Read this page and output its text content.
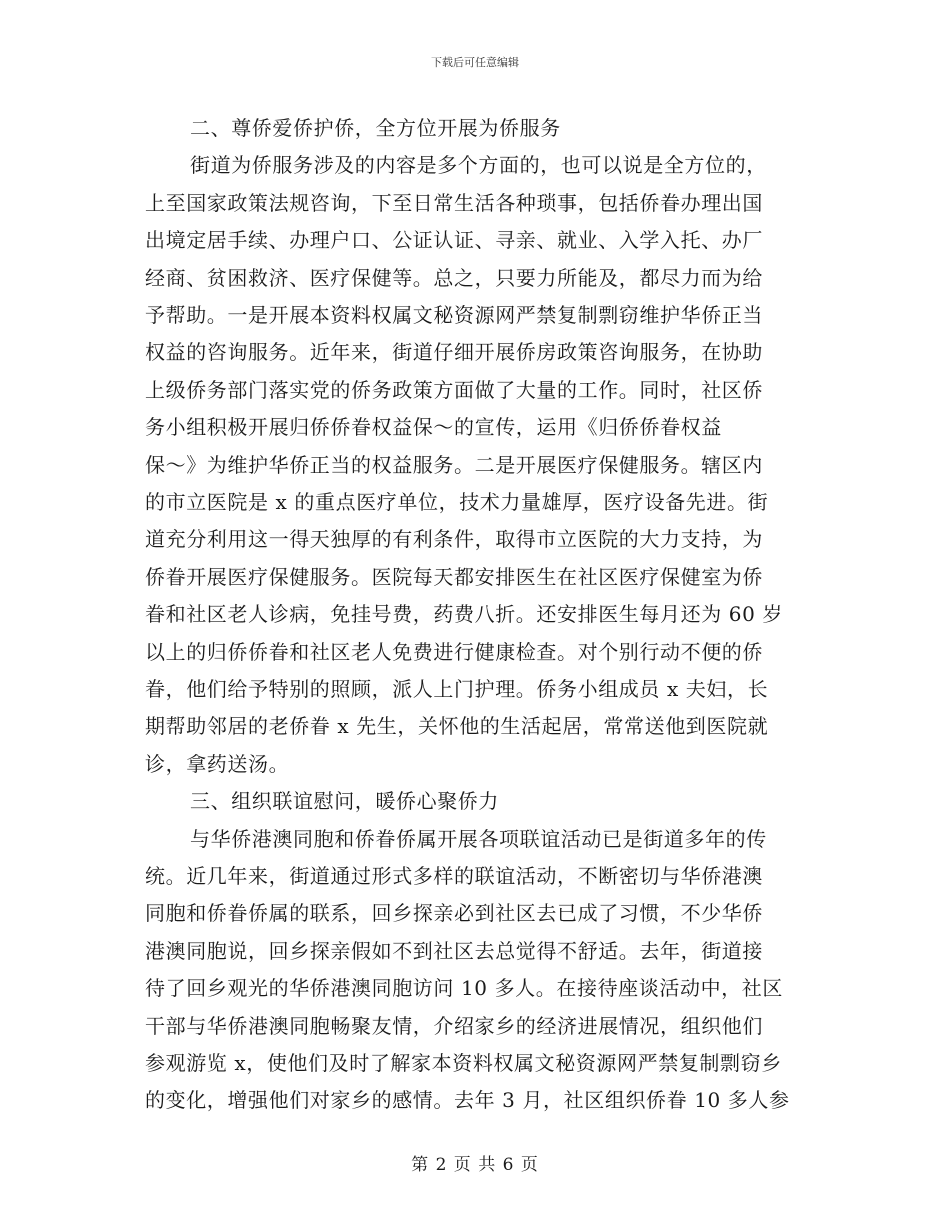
下载后可任意编辑
二、尊侨爱侨护侨，全方位开展为侨服务
街道为侨服务涉及的内容是多个方面的，也可以说是全方位的，
上至国家政策法规咨询，下至日常生活各种琐事，包括侨眷办理出国
出境定居手续、办理户口、公证认证、寻亲、就业、入学入托、办厂
经商、贫困救济、医疗保健等。总之，只要力所能及，都尽力而为给
予帮助。一是开展本资料权属文秘资源网严禁复制剽窃维护华侨正当
权益的咨询服务。近年来，街道仔细开展侨房政策咨询服务，在协助
上级侨务部门落实党的侨务政策方面做了大量的工作。同时，社区侨
务小组积极开展归侨侨眷权益保～的宣传，运用《归侨侨眷权益
保～》为维护华侨正当的权益服务。二是开展医疗保健服务。辖区内
的市立医院是 x 的重点医疗单位，技术力量雄厚，医疗设备先进。街
道充分利用这一得天独厚的有利条件，取得市立医院的大力支持，为
侨眷开展医疗保健服务。医院每天都安排医生在社区医疗保健室为侨
眷和社区老人诊病，免挂号费，药费八折。还安排医生每月还为 60 岁
以上的归侨侨眷和社区老人免费进行健康检查。对个别行动不便的侨
眷，他们给予特别的照顾，派人上门护理。侨务小组成员 x 夫妇，长
期帮助邻居的老侨眷 x 先生，关怀他的生活起居，常常送他到医院就
诊，拿药送汤。
三、组织联谊慰问，暖侨心聚侨力
与华侨港澳同胞和侨眷侨属开展各项联谊活动已是街道多年的传
统。近几年来，街道通过形式多样的联谊活动，不断密切与华侨港澳
同胞和侨眷侨属的联系，回乡探亲必到社区去已成了习惯，不少华侨
港澳同胞说，回乡探亲假如不到社区去总觉得不舒适。去年，街道接
待了回乡观光的华侨港澳同胞访问 10 多人。在接待座谈活动中，社区
干部与华侨港澳同胞畅聚友情，介绍家乡的经济进展情况，组织他们
参观游览 x，使他们及时了解家本资料权属文秘资源网严禁复制剽窃乡
的变化，增强他们对家乡的感情。去年 3 月，社区组织侨眷 10 多人参
第 2 页 共 6 页
